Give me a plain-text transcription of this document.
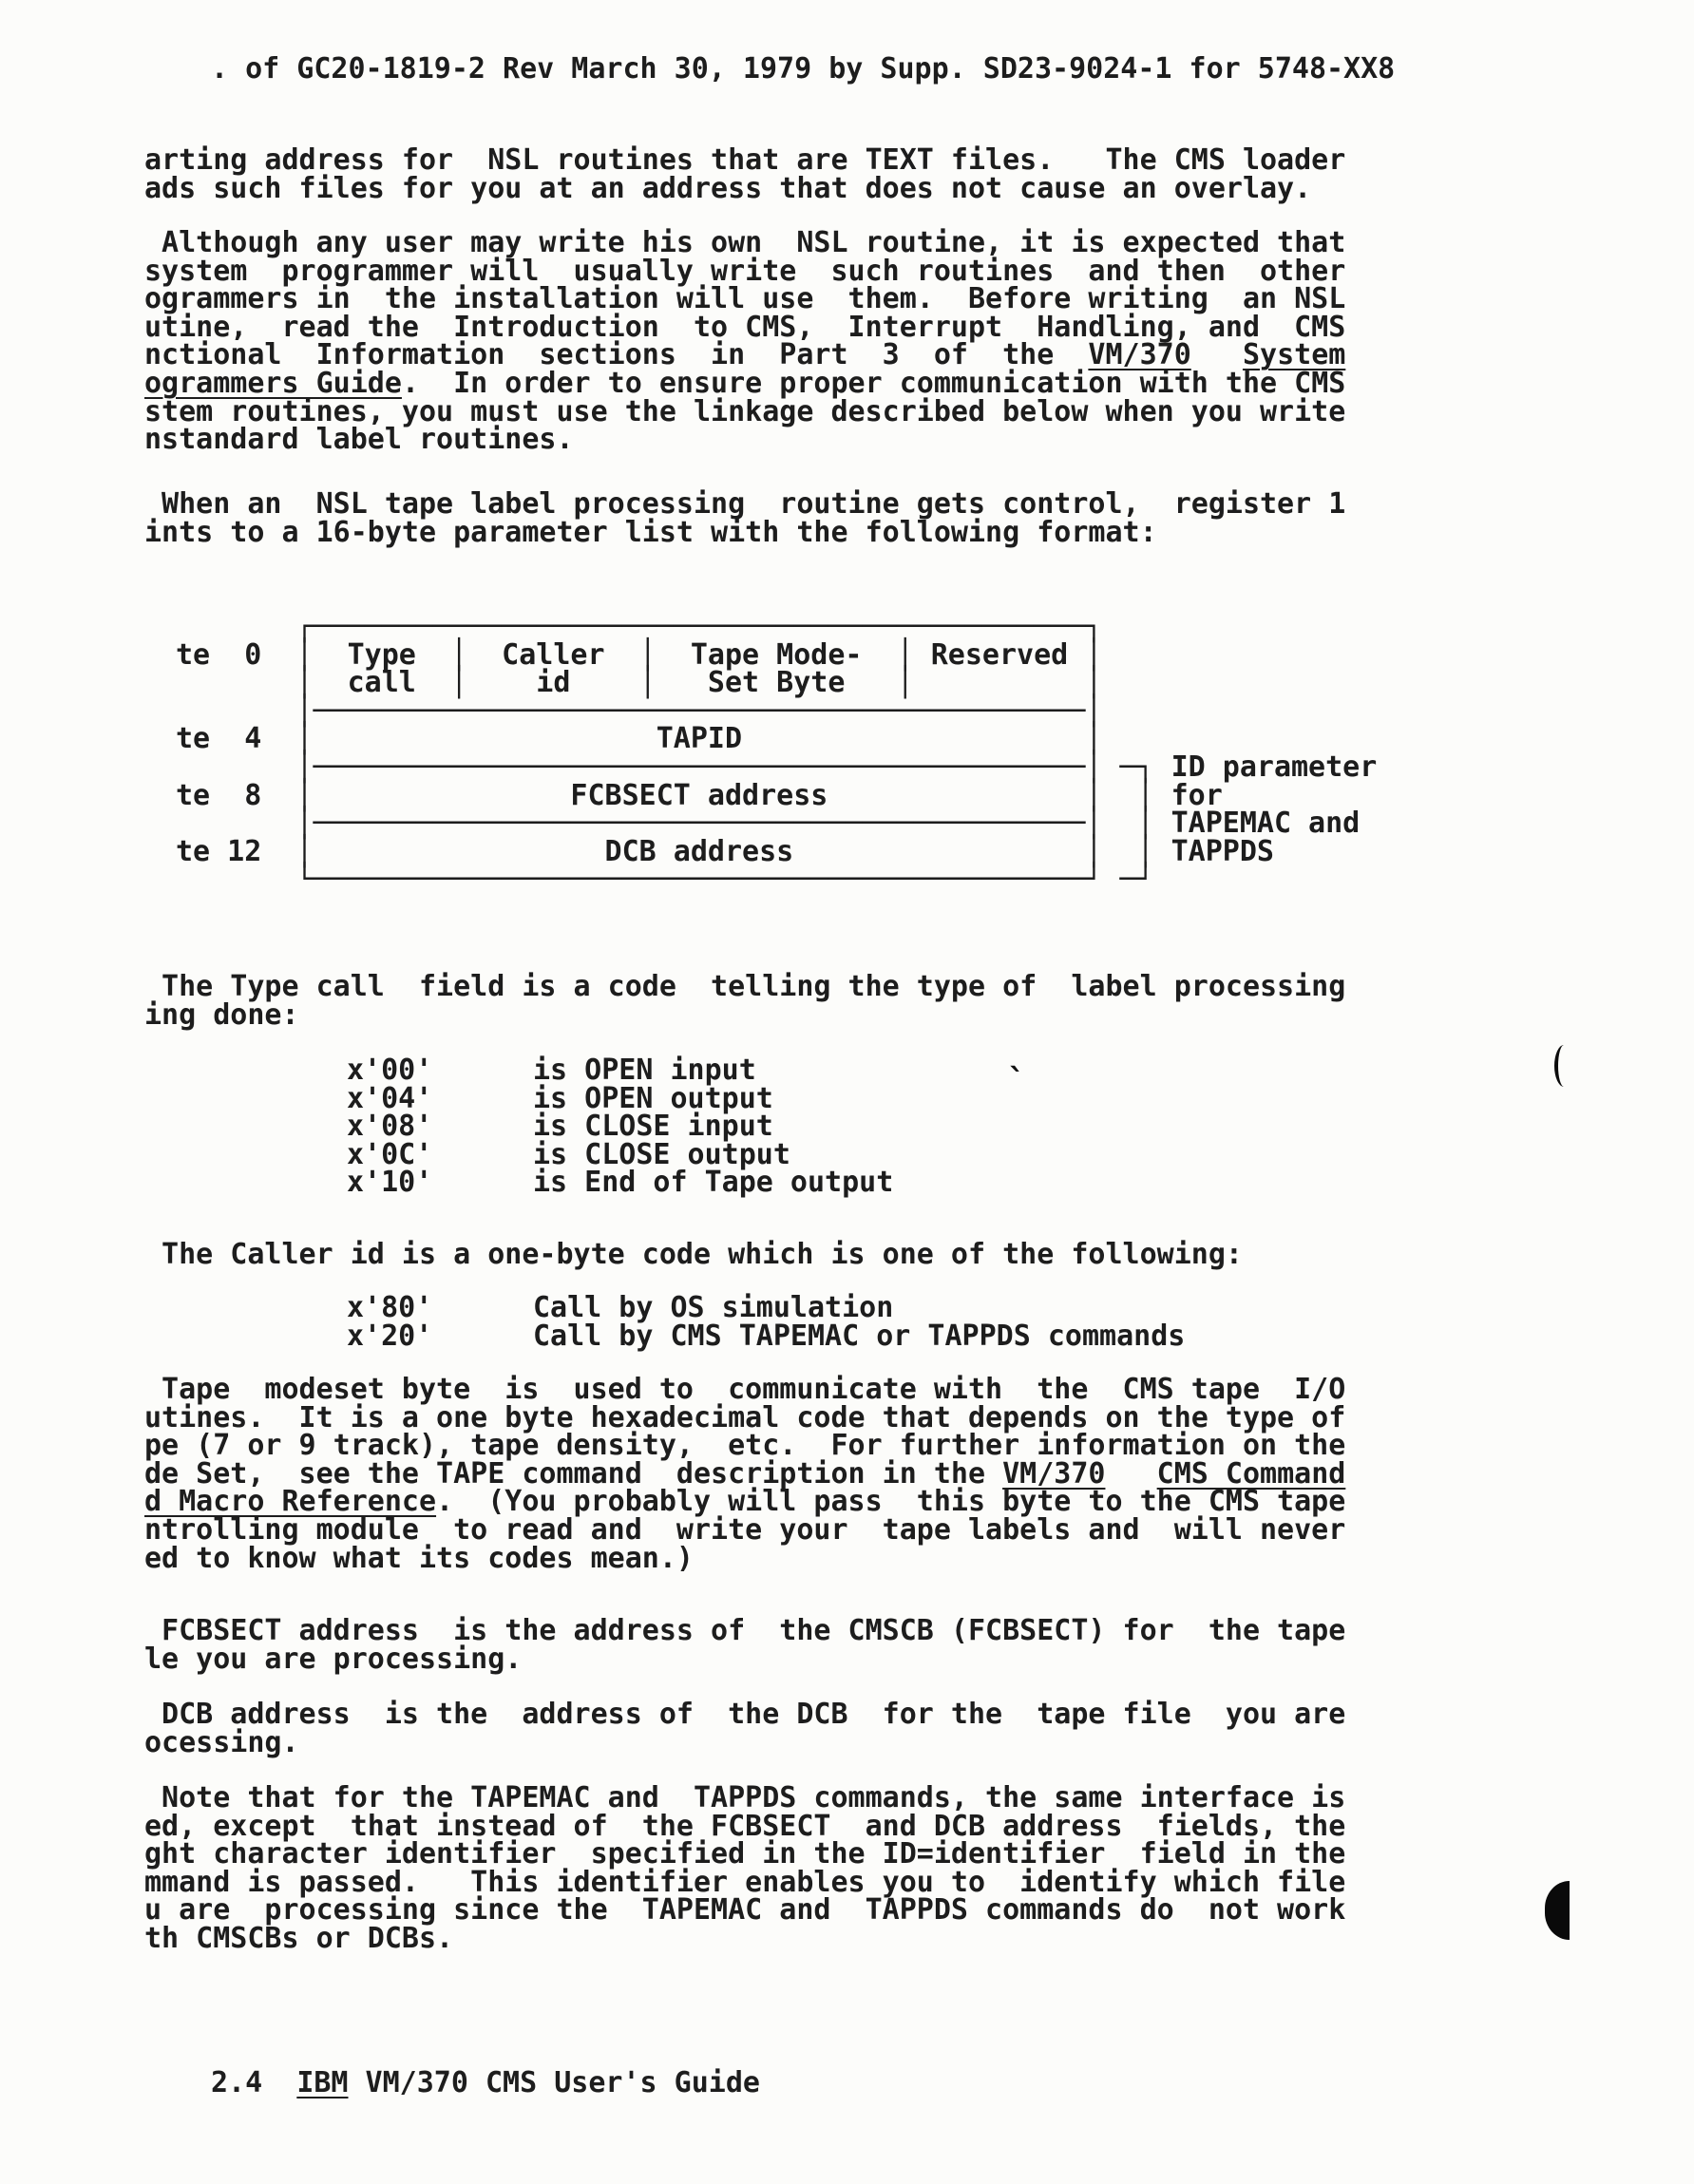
. of GC20-1819-2 Rev March 30, 1979 by Supp. SD23-9024-1 for 5748-XX8
arting address for  NSL routines that are TEXT files.   The CMS loader
ads such files for you at an address that does not cause an overlay.
Although any user may write his own  NSL routine, it is expected that
system  programmer will  usually write  such routines  and then  other
ogrammers in  the installation will use  them.  Before writing  an NSL
utine,  read the  Introduction  to CMS,  Interrupt  Handling, and  CMS
nctional  Information  sections  in  Part  3  of  the  VM/370 System
ogrammers Guide.  In order to ensure proper communication with the CMS
stem routines, you must use the linkage described below when you write
nstandard label routines.
When an  NSL tape label processing  routine gets control,  register 1
ints to a 16-byte parameter list with the following format:
┌─────────────────────────────────────────────┐
te  0  │  Type  │  Caller  │  Tape Mode-  │ Reserved │
│  call  │    id    │   Set Byte   │          │
│─────────────────────────────────────────────│
te  4  │                    TAPID                    │
│─────────────────────────────────────────────│ ─┐ ID parameter
te  8  │               FCBSECT address               │  │ for
│─────────────────────────────────────────────│  │ TAPEMAC and
te 12  │                 DCB address                 │  │ TAPPDS
└─────────────────────────────────────────────┘ ─┘
The Type call  field is a code  telling the type of  label processing
ing done:
x'00'	is OPEN input
x'04'	is OPEN output
x'08'	is CLOSE input
x'0C'	is CLOSE output
x'10'	is End of Tape output
The Caller id is a one-byte code which is one of the following:
x'80'	Call by OS simulation
x'20'	Call by CMS TAPEMAC or TAPPDS commands
Tape  modeset byte  is  used to  communicate with  the  CMS tape  I/O
utines.  It is a one byte hexadecimal code that depends on the type of
pe (7 or 9 track), tape density,  etc.  For further information on the
de Set,  see the TAPE command  description in the VM/370 CMS Command
d Macro Reference.  (You probably will pass  this byte to the CMS tape
ntrolling module  to read and  write your  tape labels and  will never
ed to know what its codes mean.)
FCBSECT address  is the address of  the CMSCB (FCBSECT) for  the tape
le you are processing.
DCB address  is the  address of  the DCB  for the  tape file  you are
ocessing.
Note that for the TAPEMAC and  TAPPDS commands, the same interface is
ed, except  that instead of  the FCBSECT  and DCB address  fields, the
ght character identifier  specified in the ID=identifier  field in the
mmand is passed.   This identifier enables you to  identify which file
u are  processing since the  TAPEMAC and  TAPPDS commands do  not work
th CMSCBs or DCBs.
2.4  IBM VM/370 CMS User's Guide
`
